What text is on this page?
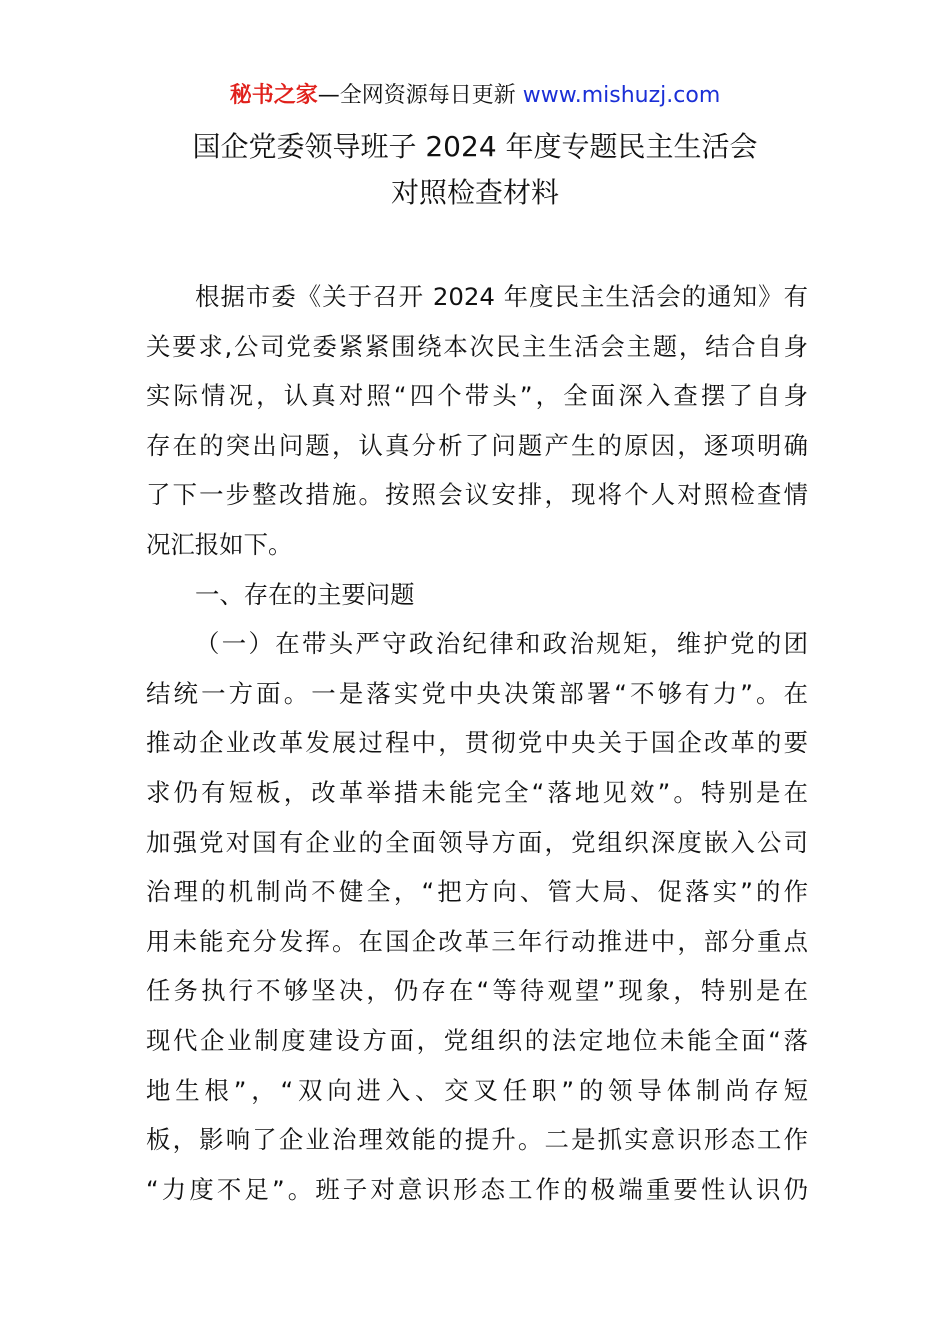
秘书之家—全网资源每日更新 www.mishuzj.com
国企党委领导班子 2024 年度专题民主生活会
对照检查材料
根据市委《关于召开 2024 年度民主生活会的通知》有
关要求,公司党委紧紧围绕本次民主生活会主题，结合自身
实际情况，认真对照“四个带头”，全面深入查摆了自身
存在的突出问题，认真分析了问题产生的原因，逐项明确
了下一步整改措施。按照会议安排，现将个人对照检查情
况汇报如下。
一、存在的主要问题
（一）在带头严守政治纪律和政治规矩，维护党的团
结统一方面。一是落实党中央决策部署“不够有力”。在
推动企业改革发展过程中，贯彻党中央关于国企改革的要
求仍有短板，改革举措未能完全“落地见效”。特别是在
加强党对国有企业的全面领导方面，党组织深度嵌入公司
治理的机制尚不健全，“把方向、管大局、促落实”的作
用未能充分发挥。在国企改革三年行动推进中，部分重点
任务执行不够坚决，仍存在“等待观望”现象，特别是在
现代企业制度建设方面，党组织的法定地位未能全面“落
地生根”，“双向进入、交叉任职”的领导体制尚存短
板，影响了企业治理效能的提升。二是抓实意识形态工作
“力度不足”。班子对意识形态工作的极端重要性认识仍
